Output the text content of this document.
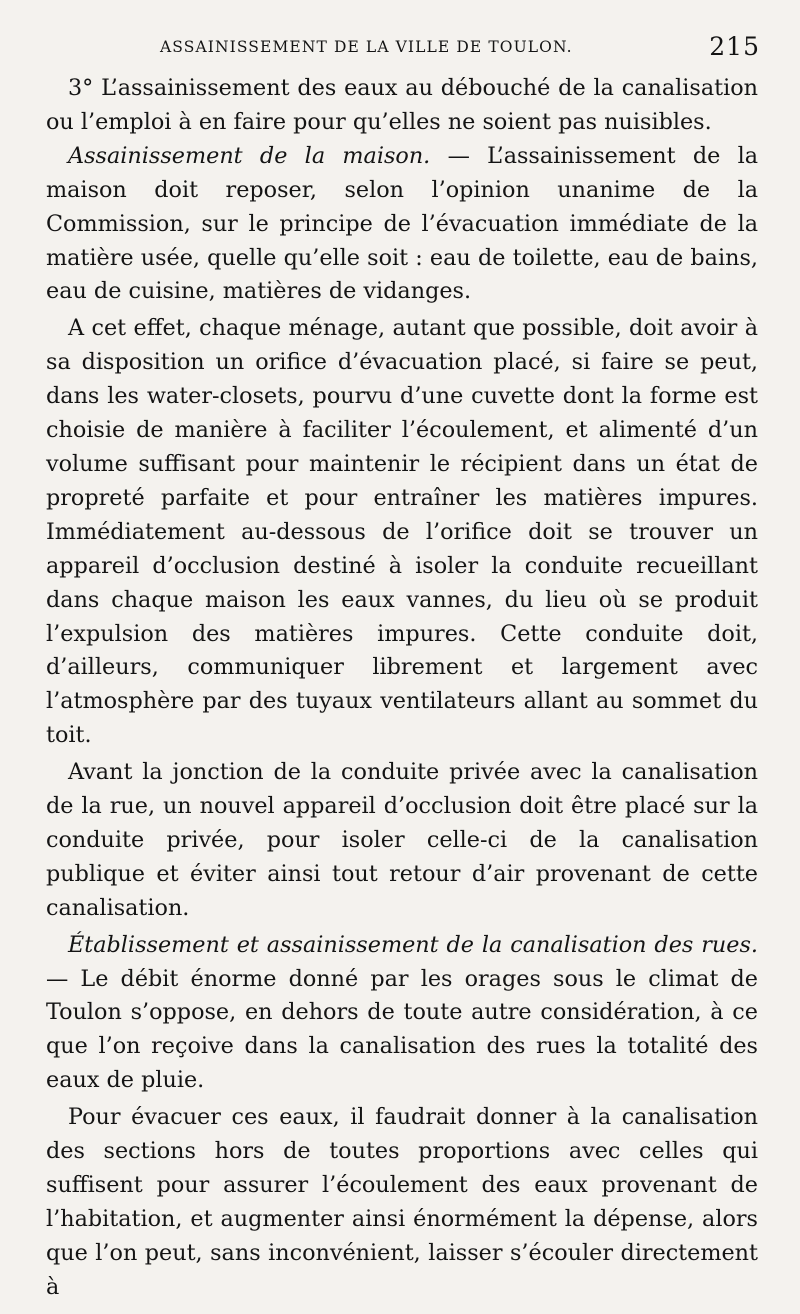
ASSAINISSEMENT DE LA VILLE DE TOULON.	215

3° L’assainissement des eaux au débouché de la canalisation ou l’emploi à en faire pour qu’elles ne soient pas nuisibles.

Assainissement de la maison. — L’assainissement de la maison doit reposer, selon l’opinion unanime de la Commission, sur le principe de l’évacuation immédiate de la matière usée, quelle qu’elle soit : eau de toilette, eau de bains, eau de cuisine, matières de vidanges.

A cet effet, chaque ménage, autant que possible, doit avoir à sa disposition un orifice d’évacuation placé, si faire se peut, dans les water-closets, pourvu d’une cuvette dont la forme est choisie de manière à faciliter l’écoulement, et alimenté d’un volume suffisant pour maintenir le récipient dans un état de propreté parfaite et pour entraîner les matières impures. Immédiatement au-dessous de l’orifice doit se trouver un appareil d’occlusion destiné à isoler la conduite recueillant dans chaque maison les eaux vannes, du lieu où se produit l’expulsion des matières impures. Cette conduite doit, d’ailleurs, communiquer librement et largement avec l’atmosphère par des tuyaux ventilateurs allant au sommet du toit.

Avant la jonction de la conduite privée avec la canalisation de la rue, un nouvel appareil d’occlusion doit être placé sur la conduite privée, pour isoler celle-ci de la canalisation publique et éviter ainsi tout retour d’air provenant de cette canalisation.

Établissement et assainissement de la canalisation des rues. — Le débit énorme donné par les orages sous le climat de Toulon s’oppose, en dehors de toute autre considération, à ce que l’on reçoive dans la canalisation des rues la totalité des eaux de pluie.

Pour évacuer ces eaux, il faudrait donner à la canalisation des sections hors de toutes proportions avec celles qui suffisent pour assurer l’écoulement des eaux provenant de l’habitation, et augmenter ainsi énormément la dépense, alors que l’on peut, sans inconvénient, laisser s’écouler directement à
